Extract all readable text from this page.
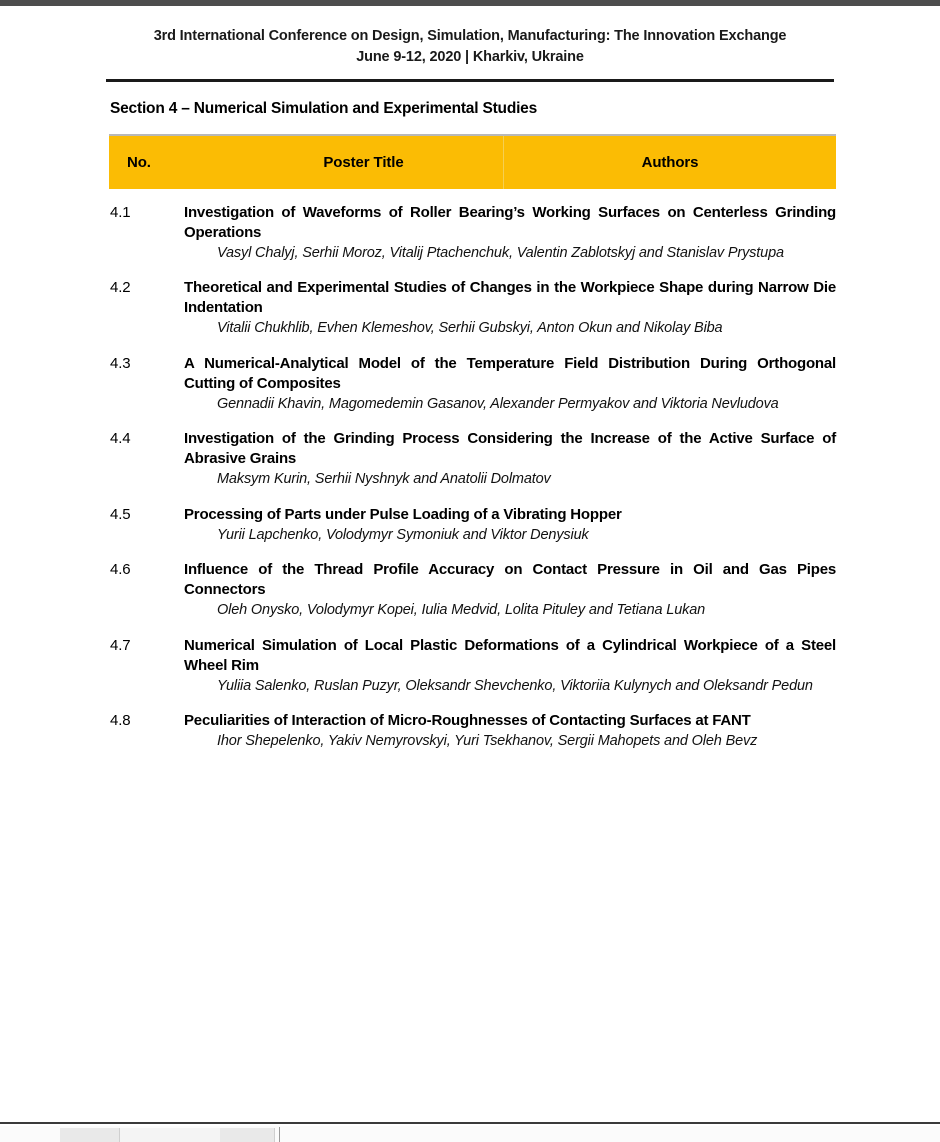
3rd International Conference on Design, Simulation, Manufacturing: The Innovation Exchange
June 9-12, 2020 | Kharkiv, Ukraine
Section 4 – Numerical Simulation and Experimental Studies
No.	Poster Title	Authors
4.1	Investigation of Waveforms of Roller Bearing’s Working Surfaces on Centerless Grinding Operations

Vasyl Chalyj, Serhii Moroz, Vitalij Ptachenchuk, Valentin Zablotskyj and Stanislav Prystupa

4.2	Theoretical and Experimental Studies of Changes in the Workpiece Shape during Narrow Die Indentation

Vitalii Chukhlib, Evhen Klemeshov, Serhii Gubskyi, Anton Okun and Nikolay Biba

4.3	A Numerical-Analytical Model of the Temperature Field Distribution During Orthogonal Cutting of Composites

Gennadii Khavin, Magomedemin Gasanov, Alexander Permyakov and Viktoria Nevludova

4.4	Investigation of the Grinding Process Considering the Increase of the Active Surface of Abrasive Grains

Maksym Kurin, Serhii Nyshnyk and Anatolii Dolmatov

4.5	Processing of Parts under Pulse Loading of a Vibrating Hopper

Yurii Lapchenko, Volodymyr Symoniuk and Viktor Denysiuk

4.6	Influence of the Thread Profile Accuracy on Contact Pressure in Oil and Gas Pipes Connectors

Oleh Onysko, Volodymyr Kopei, Iulia Medvid, Lolita Pituley and Tetiana Lukan

4.7	Numerical Simulation of Local Plastic Deformations of a Cylindrical Workpiece of a Steel Wheel Rim

Yuliia Salenko, Ruslan Puzyr, Oleksandr Shevchenko, Viktoriia Kulynych and Oleksandr Pedun

4.8	Peculiarities of Interaction of Micro-Roughnesses of Contacting Surfaces at FANT

Ihor Shepelenko, Yakiv Nemyrovskyi, Yuri Tsekhanov, Sergii Mahopets and Oleh Bevz
